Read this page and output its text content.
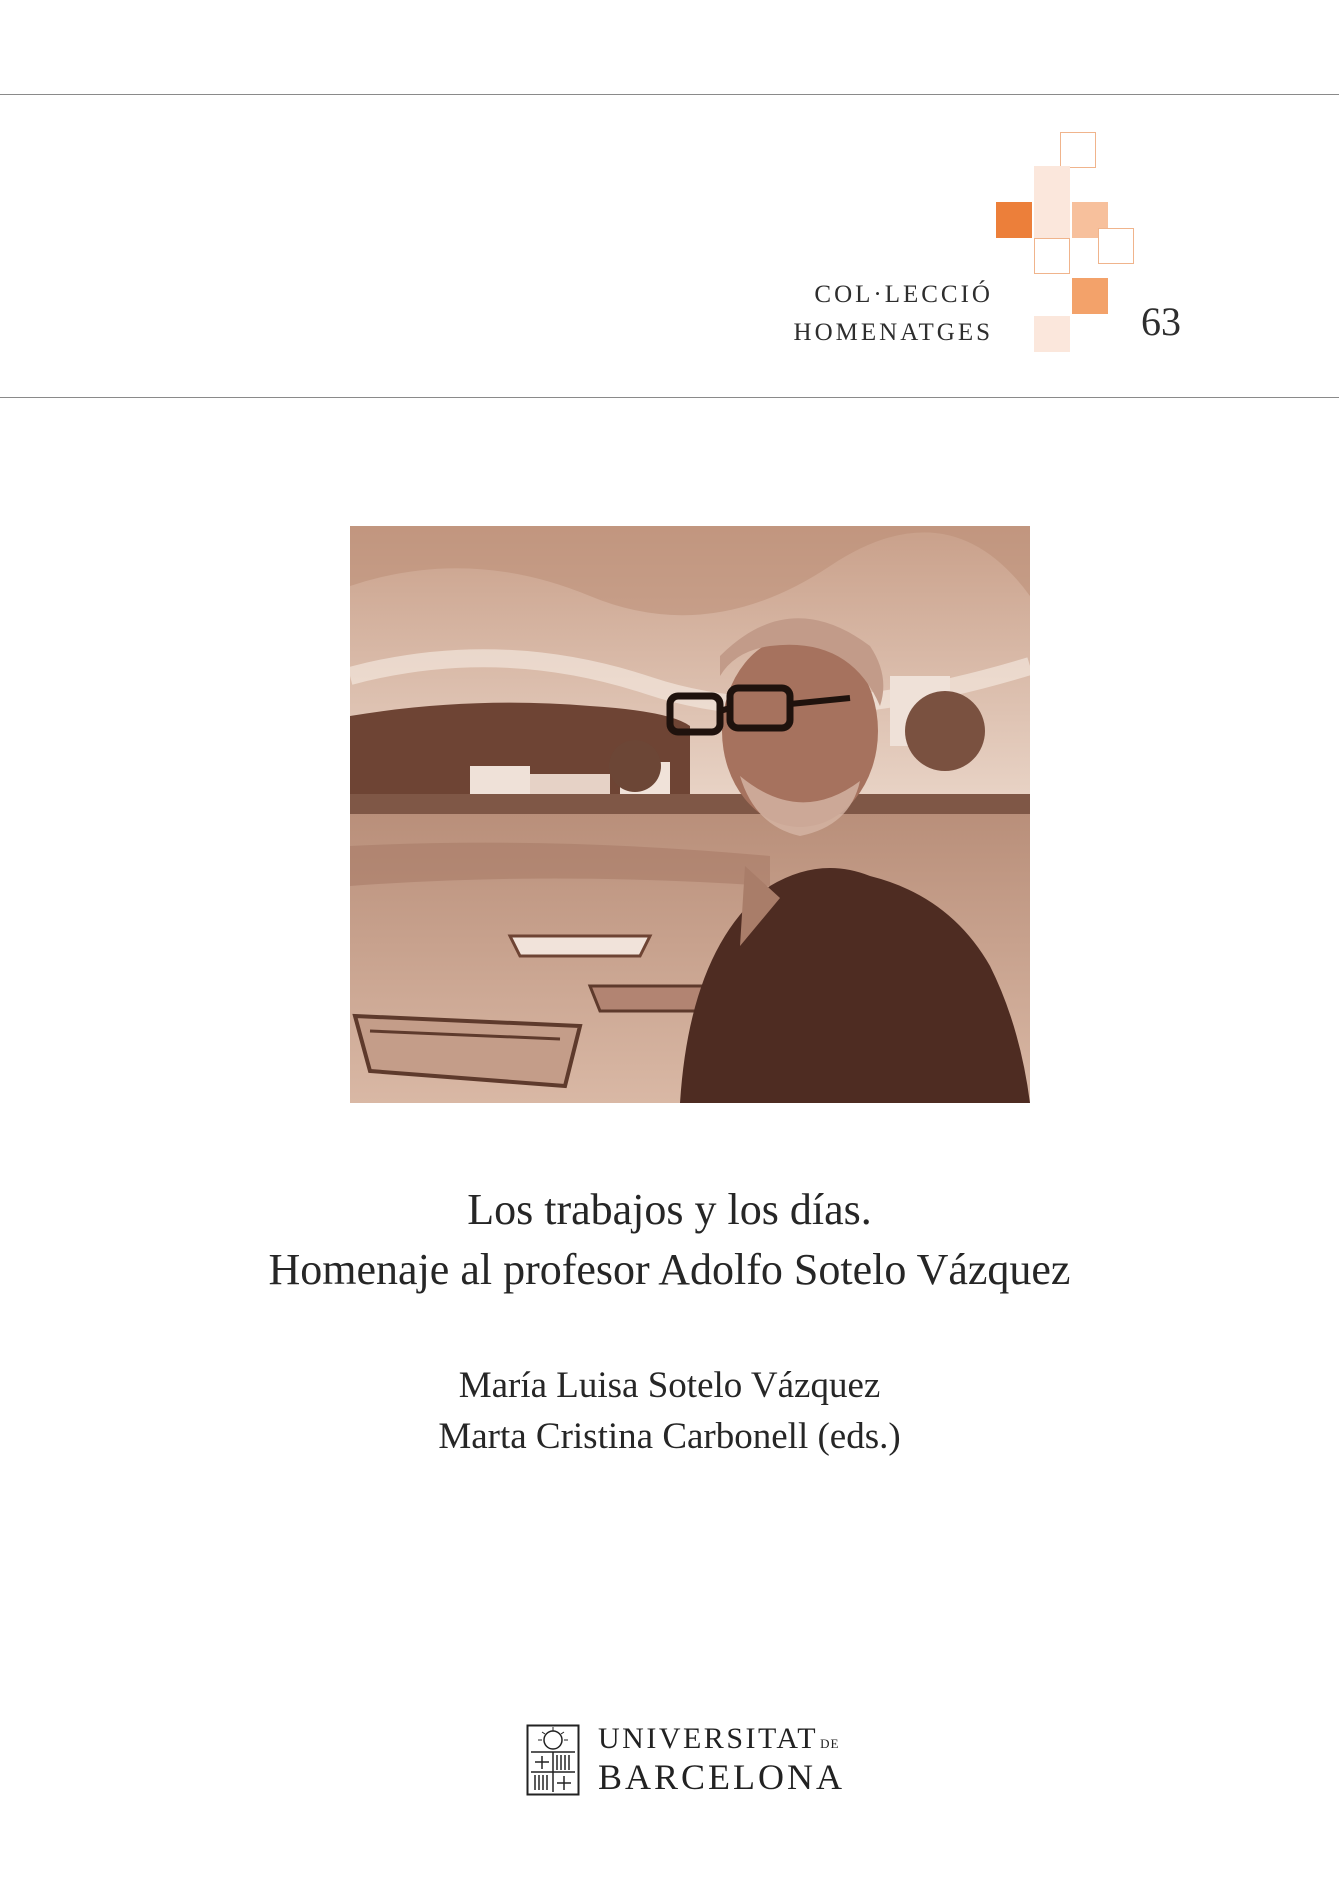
COL·LECCIÓ
HOMENATGES	63
Los trabajos y los días.
Homenaje al profesor Adolfo Sotelo Vázquez
María Luisa Sotelo Vázquez
Marta Cristina Carbonell (eds.)
UNIVERSITAT DE
BARCELONA
